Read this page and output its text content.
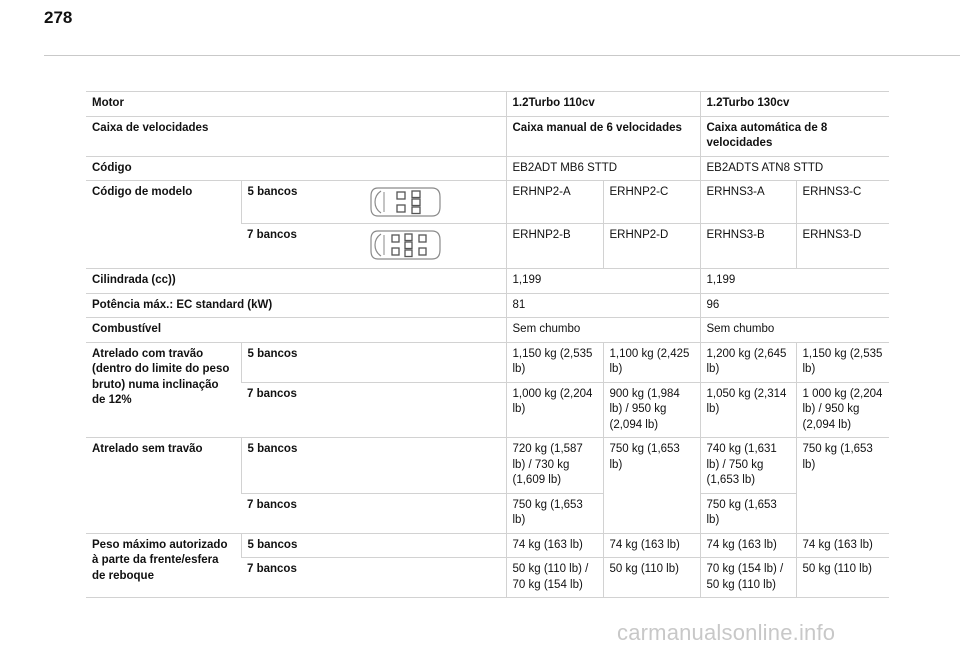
278
Motor			1.2Turbo 110cv		1.2Turbo 130cv	
Caixa de velocidades			Caixa manual de 6 velocidades		Caixa automática de 8 velocidades	
Código			EB2ADT MB6 STTD		EB2ADTS ATN8 STTD	
Código de modelo	5 bancos		ERHNP2-A	ERHNP2-C	ERHNS3-A	ERHNS3-C
	7 bancos		ERHNP2-B	ERHNP2-D	ERHNS3-B	ERHNS3-D
Cilindrada (cc))			1,199		1,199	
Potência máx.: EC standard (kW)			81		96	
Combustível			Sem chumbo		Sem chumbo	
Atrelado com travão (dentro do limite do peso bruto) numa inclinação de 12%	5 bancos		1,150 kg (2,535 lb)	1,100 kg (2,425 lb)	1,200 kg (2,645 lb)	1,150 kg (2,535 lb)
	7 bancos		1,000 kg (2,204 lb)	900 kg (1,984 lb) / 950 kg (2,094 lb)	1,050 kg (2,314 lb)	1 000 kg (2,204 lb) / 950 kg (2,094 lb)
Atrelado sem travão	5 bancos		720 kg (1,587 lb) / 730 kg (1,609 lb)	750 kg (1,653 lb)	740 kg (1,631 lb) / 750 kg (1,653 lb)	750 kg (1,653 lb)
	7 bancos		750 kg (1,653 lb)		750 kg (1,653 lb)	
Peso máximo autorizado à parte da frente/esfera de reboque	5 bancos		74 kg (163 lb)	74 kg (163 lb)	74 kg (163 lb)	74 kg (163 lb)
	7 bancos		50 kg (110 lb) / 70 kg (154 lb)	50 kg (110 lb)	70 kg (154 lb) / 50 kg (110 lb)	50 kg (110 lb)
carmanualsonline.info
